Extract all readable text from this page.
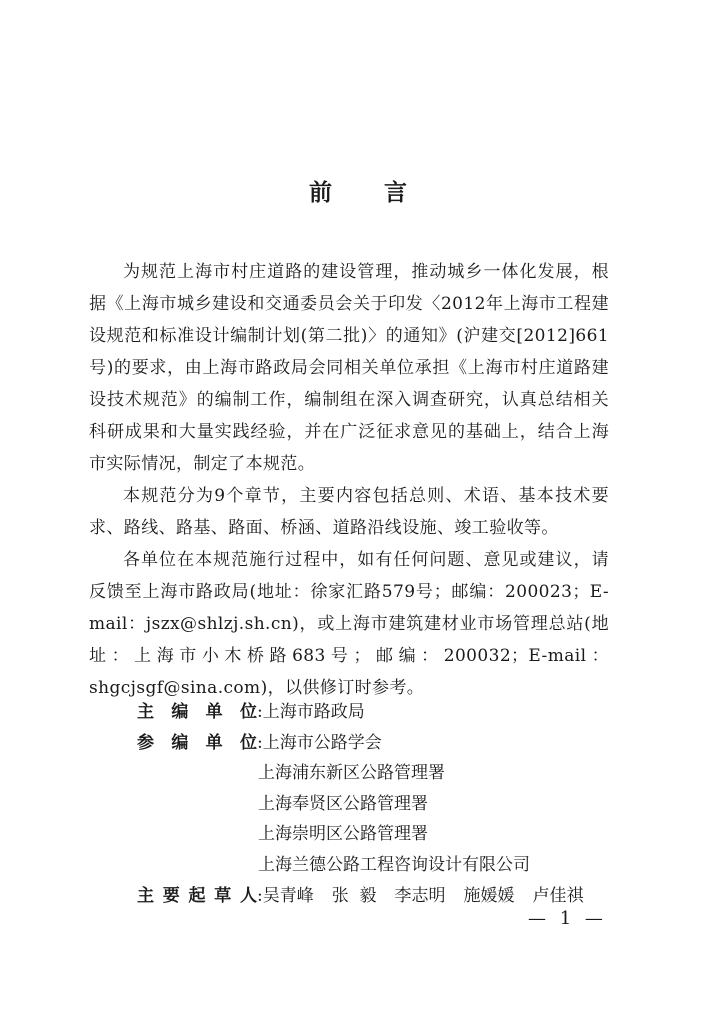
前 言

为规范上海市村庄道路的建设管理，推动城乡一体化发展，根据《上海市城乡建设和交通委员会关于印发〈2012年上海市工程建设规范和标准设计编制计划(第二批)〉的通知》(沪建交[2012]661号)的要求，由上海市路政局会同相关单位承担《上海市村庄道路建设技术规范》的编制工作，编制组在深入调查研究，认真总结相关科研成果和大量实践经验，并在广泛征求意见的基础上，结合上海市实际情况，制定了本规范。

本规范分为9个章节，主要内容包括总则、术语、基本技术要求、路线、路基、路面、桥涵、道路沿线设施、竣工验收等。

各单位在本规范施行过程中，如有任何问题、意见或建议，请反馈至上海市路政局(地址：徐家汇路579号；邮编：200023；E-mail：jszx@shlzj.sh.cn)，或上海市建筑建材业市场管理总站(地址：上海市小木桥路683号；邮编：200032；E-mail：shgcjsgf@sina.com)，以供修订时参考。

主编单位 : 上海市路政局
参编单位 : 上海市公路学会
上海浦东新区公路管理署
上海奉贤区公路管理署
上海崇明区公路管理署
上海兰德公路工程咨询设计有限公司
主要起草人 : 吴青峰 张  毅 李志明 施媛媛 卢佳祺
— 1 —
